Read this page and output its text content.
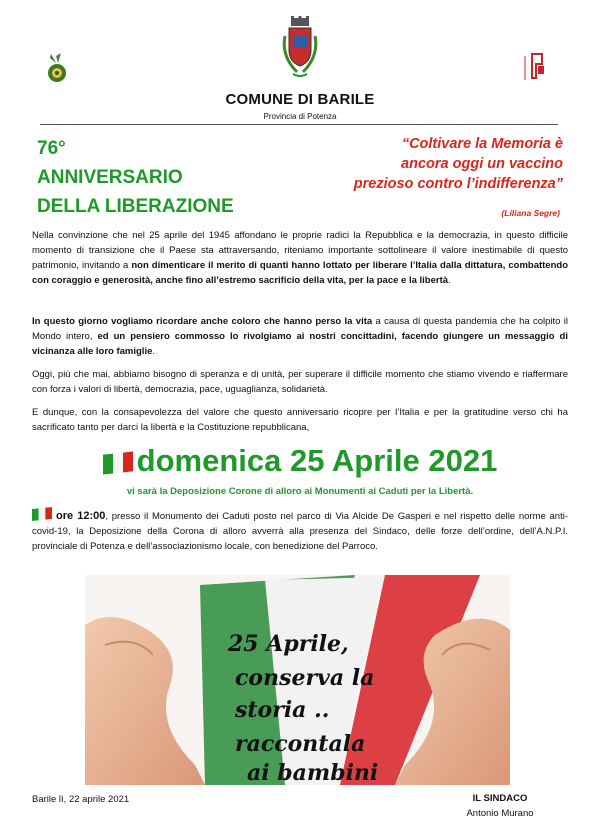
COMUNE DI BARILE
Provincia di Potenza
76°
ANNIVERSARIO
DELLA LIBERAZIONE
“Coltivare la Memoria è
ancora oggi un vaccino
prezioso contro l’indifferenza”
(Liliana Segre)
Nella convinzione che nel 25 aprile del 1945 affondano le proprie radici la Repubblica e la democrazia, in questo difficile momento di transizione che il Paese sta attraversando, riteniamo importante sottolineare il valore inestimabile di questo patrimonio, invitando a non dimenticare il merito di quanti hanno lottato per liberare l’Italia dalla dittatura, combattendo con coraggio e generosità, anche fino all’estremo sacrificio della vita, per la pace e la libertà.
In questo giorno vogliamo ricordare anche coloro che hanno perso la vita a causa di questa pandemia che ha colpito il Mondo intero, ed un pensiero commosso lo rivolgiamo ai nostri concittadini, facendo giungere un messaggio di vicinanza alle loro famiglie.
Oggi, più che mai, abbiamo bisogno di speranza e di unità, per superare il difficile momento che stiamo vivendo e riaffermare con forza i valori di libertà, democrazia, pace, uguaglianza, solidarietà.
E dunque, con la consapevolezza del valore che questo anniversario ricopre per l’Italia e per la gratitudine verso chi ha sacrificato tanto per darci la libertà e la Costituzione repubblicana,
domenica 25 Aprile 2021
vi sarà la Deposizione Corone di alloro ai Monumenti ai Caduti per la Libertà.
ore 12:00, presso il Monumento dei Caduti posto nel parco di Via Alcide De Gasperi e nel rispetto delle norme anti-covid-19, la Deposizione della Corona di alloro avverrà alla presenza del Sindaco, delle forze dell’ordine, dell’A.N.P.I. provinciale di Potenza e dell’associazionismo locale, con benedizione del Parroco.
25 Aprile,
conserva la
storia ..
raccontala
ai bambini
Barile lì, 22 aprile 2021	IL SINDACO
Antonio Murano
